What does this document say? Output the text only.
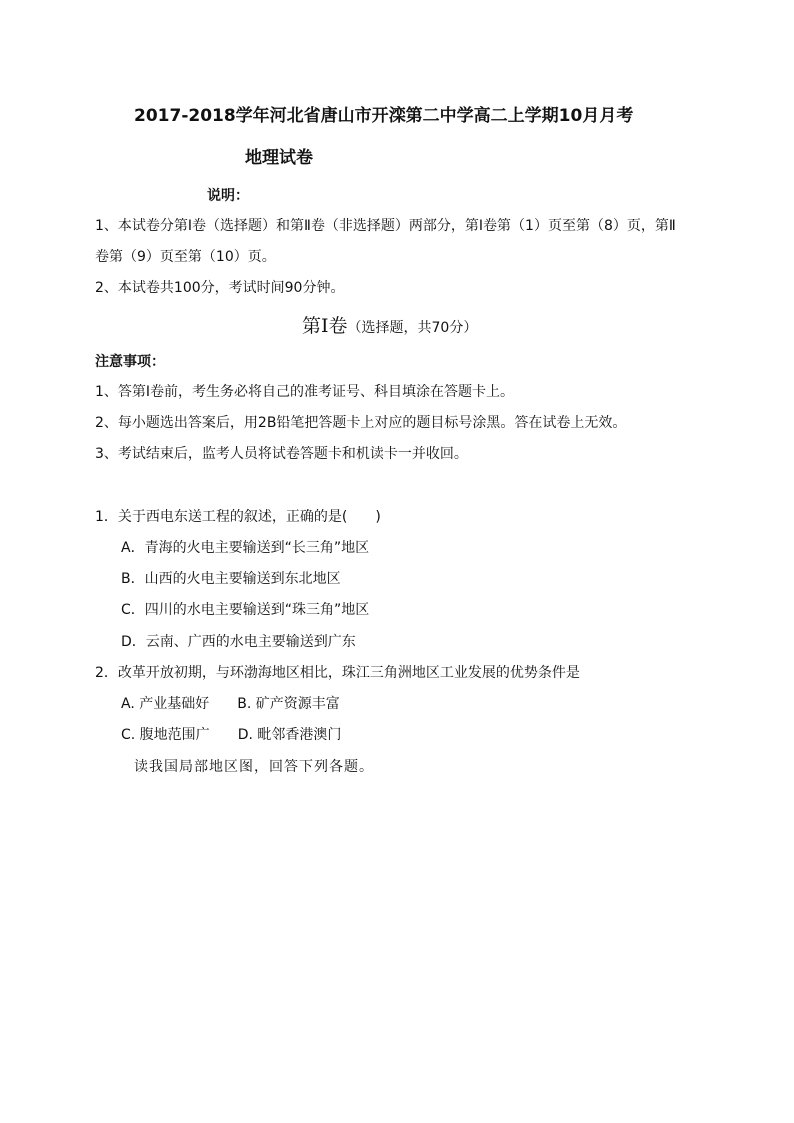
2017-2018学年河北省唐山市开滦第二中学高二上学期10月月考
地理试卷
说明：
1、本试卷分第Ⅰ卷（选择题）和第Ⅱ卷（非选择题）两部分，第Ⅰ卷第（1）页至第（8）页，第Ⅱ
卷第（9）页至第（10）页。
2、本试卷共100分，考试时间90分钟。
第Ⅰ卷（选择题，共70分）
注意事项：
1、答第Ⅰ卷前，考生务必将自己的准考证号、科目填涂在答题卡上。
2、每小题选出答案后，用2B铅笔把答题卡上对应的题目标号涂黑。答在试卷上无效。
3、考试结束后，监考人员将试卷答题卡和机读卡一并收回。
1．关于西电东送工程的叙述，正确的是(　　)
A．青海的火电主要输送到“长三角”地区
B．山西的火电主要输送到东北地区
C．四川的水电主要输送到“珠三角”地区
D．云南、广西的水电主要输送到广东
2．改革开放初期，与环渤海地区相比，珠江三角洲地区工业发展的优势条件是
A. 产业基础好 B. 矿产资源丰富
C. 腹地范围广 D. 毗邻香港澳门
读我国局部地区图，回答下列各题。
